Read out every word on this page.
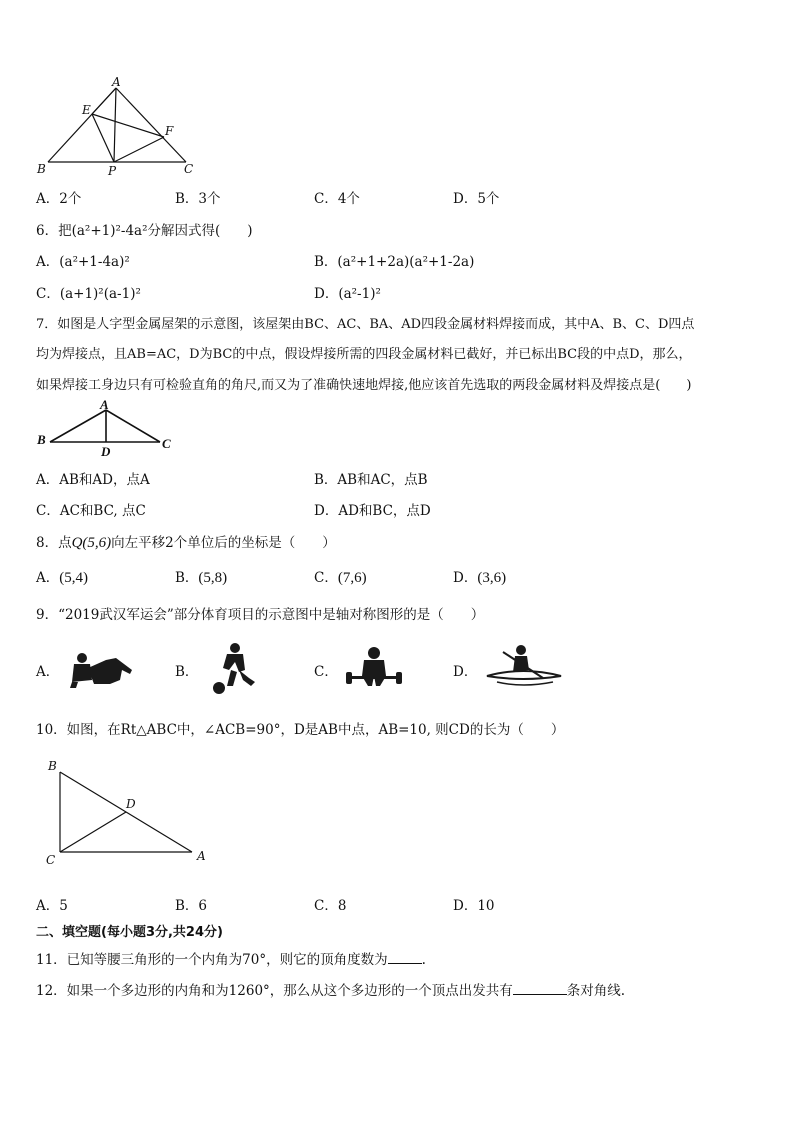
A
E
F
B	P	C
A．2个	B．3个	C．4个	D．5个
6．把(a²+1)²-4a²分解因式得(　　)
A．(a²+1-4a)²	B．(a²+1+2a)(a²+1-2a)
C．(a+1)²(a-1)²	D．(a²-1)²
7．如图是人字型金属屋架的示意图，该屋架由BC、AC、BA、AD四段金属材料焊接而成，其中A、B、C、D四点
均为焊接点，且AB=AC，D为BC的中点，假设焊接所需的四段金属材料已截好，并已标出BC段的中点D，那么，
如果焊接工身边只有可检验直角的角尺,而又为了准确快速地焊接,他应该首先选取的两段金属材料及焊接点是(　　)
A
B	C
D
A．AB和AD，点A	B．AB和AC，点B
C．AC和BC, 点C	D．AD和BC，点D
8．点Q(5,6)向左平移2个单位后的坐标是（　　）
A．(5,4)	B．(5,8)	C．(7,6)	D．(3,6)
9．“2019武汉军运会”部分体育项目的示意图中是轴对称图形的是（　　）
A．	B．	C．	D．
10．如图，在Rt△ABC中，∠ACB=90°，D是AB中点，AB=10, 则CD的长为（　　）
B
D
C	A
A．5	B．6	C．8	D．10
二、填空题(每小题3分,共24分)
11．已知等腰三角形的一个内角为70°，则它的顶角度数为	.
12．如果一个多边形的内角和为1260°，那么从这个多边形的一个顶点出发共有	条对角线.
